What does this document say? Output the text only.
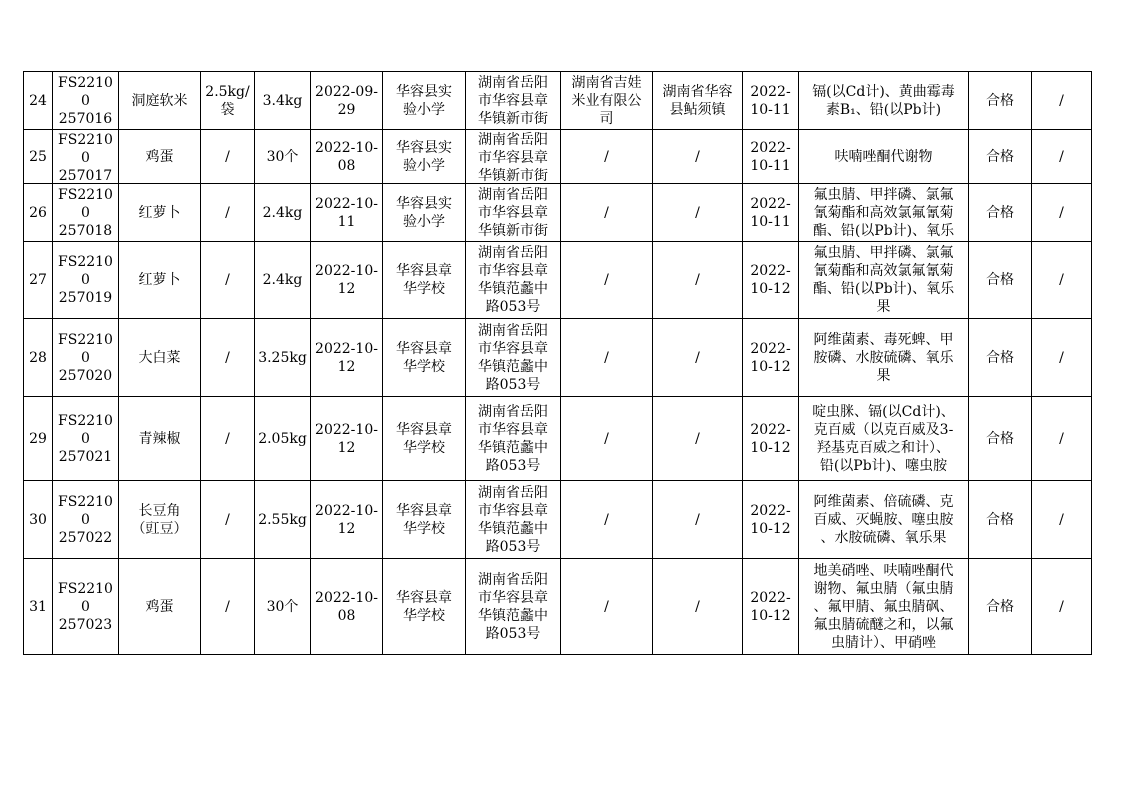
24	FS22100
257016	洞庭软米	2.5kg/
袋	3.4kg	2022-09-
29	华容县实
验小学	湖南省岳阳
市华容县章
华镇新市街	湖南省吉娃
米业有限公
司	湖南省华容
县鲇须镇	2022-
10-11	镉(以Cd计)、黄曲霉毒
素B₁、铅(以Pb计)	合格	/

25	FS22100
257017	鸡蛋	/	30个	2022-10-
08	华容县实
验小学	湖南省岳阳
市华容县章
华镇新市街	/	/	2022-
10-11	呋喃唑酮代谢物	合格	/

26	FS22100
257018	红萝卜	/	2.4kg	2022-10-
11	华容县实
验小学	湖南省岳阳
市华容县章
华镇新市街	/	/	2022-
10-11	氟虫腈、甲拌磷、氯氟
氰菊酯和高效氯氟氰菊
酯、铅(以Pb计)、氧乐	合格	/

27	FS22100
257019	红萝卜	/	2.4kg	2022-10-
12	华容县章
华学校	湖南省岳阳
市华容县章
华镇范蠡中
路053号	/	/	2022-
10-12	氟虫腈、甲拌磷、氯氟
氰菊酯和高效氯氟氰菊
酯、铅(以Pb计)、氧乐
果	合格	/

28	FS22100
257020	大白菜	/	3.25kg	2022-10-
12	华容县章
华学校	湖南省岳阳
市华容县章
华镇范蠡中
路053号	/	/	2022-
10-12	阿维菌素、毒死蜱、甲
胺磷、水胺硫磷、氧乐
果	合格	/

29	FS22100
257021	青辣椒	/	2.05kg	2022-10-
12	华容县章
华学校	湖南省岳阳
市华容县章
华镇范蠡中
路053号	/	/	2022-
10-12	啶虫脒、镉(以Cd计)、
克百威（以克百威及3-
羟基克百威之和计）、
铅(以Pb计)、噻虫胺	合格	/

30	FS22100
257022	长豆角
（豇豆）	/	2.55kg	2022-10-
12	华容县章
华学校	湖南省岳阳
市华容县章
华镇范蠡中
路053号	/	/	2022-
10-12	阿维菌素、倍硫磷、克
百威、灭蝇胺、噻虫胺
、水胺硫磷、氧乐果	合格	/

31	FS22100
257023	鸡蛋	/	30个	2022-10-
08	华容县章
华学校	湖南省岳阳
市华容县章
华镇范蠡中
路053号	/	/	2022-
10-12	地美硝唑、呋喃唑酮代
谢物、氟虫腈（氟虫腈
、氟甲腈、氟虫腈砜、
氟虫腈硫醚之和，以氟
虫腈计）、甲硝唑	合格	/
